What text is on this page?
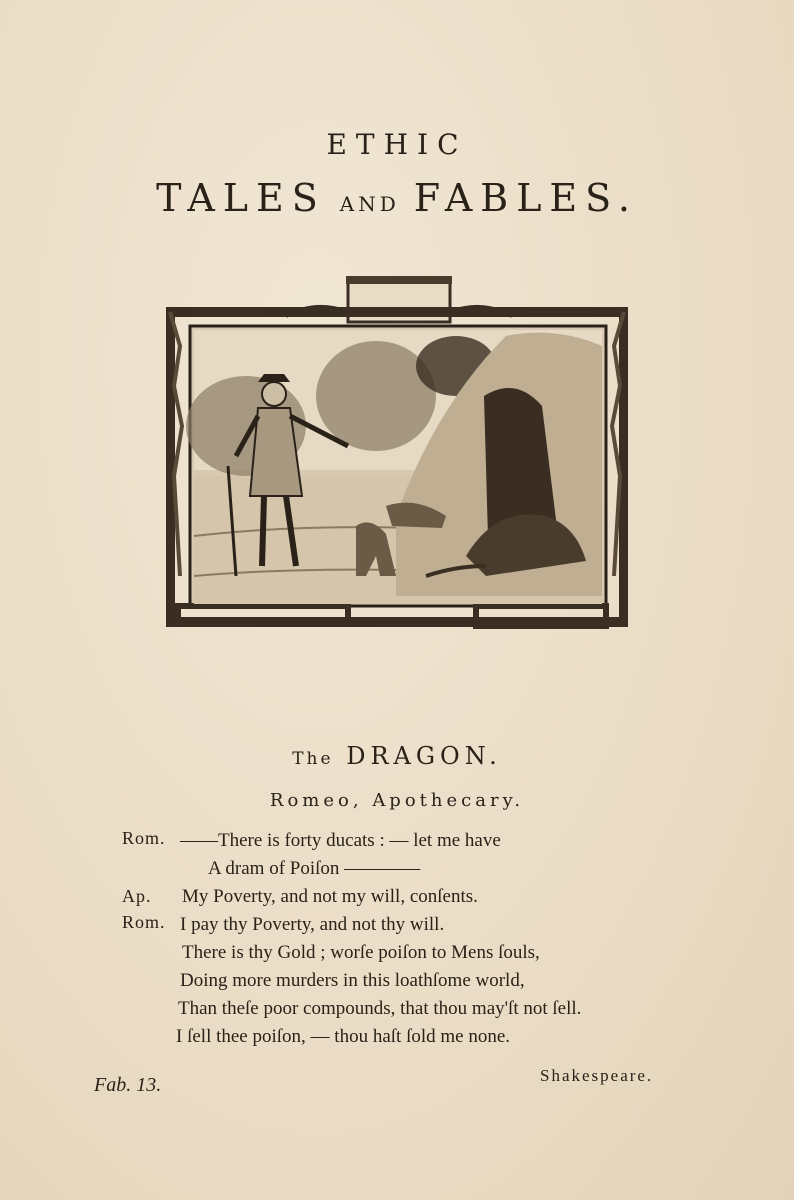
ETHIC
TALES AND FABLES.
The DRAGON.
Romeo, Apothecary.
Rom. ——There is forty ducats : — let me have
A dram of Poiſon ————
Ap. My Poverty, and not my will, conſents.
Rom. I pay thy Poverty, and not thy will.
There is thy Gold ; worſe poiſon to Mens ſouls,
Doing more murders in this loathſome world,
Than theſe poor compounds, that thou may'ſt not ſell.
I ſell thee poiſon, — thou haſt ſold me none.
Fab. 13.	Shakespeare.
